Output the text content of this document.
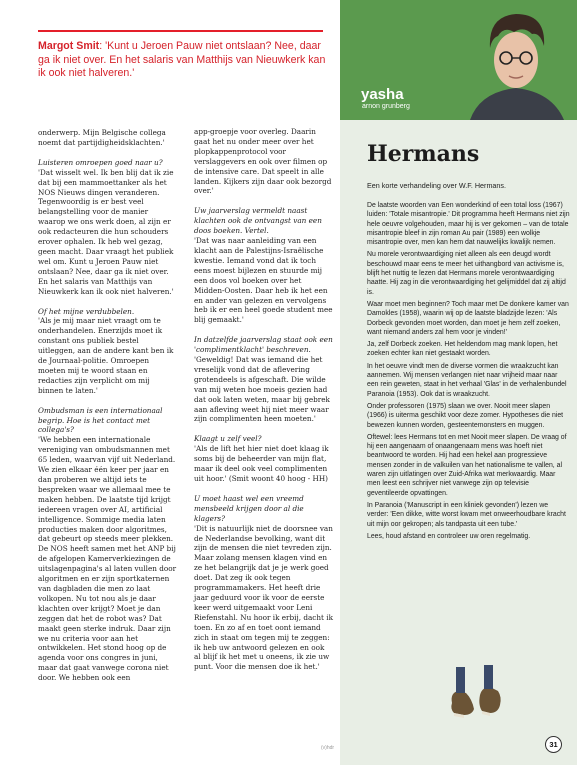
Margot Smit: 'Kunt u Jeroen Pauw niet ontslaan? Nee, daar ga ik niet over. En het salaris van Matthijs van Nieuwkerk kan ik ook niet halveren.'

onderwerp. Mijn Belgische collega noemt dat partijdigheidsklachten.'

Luisteren omroepen goed naar u?
'Dat wisselt wel. Ik ben blij dat ik zie dat bij een mammoettanker als het NOS Nieuws dingen veranderen. Tegenwoordig is er best veel belangstelling voor de manier waarop we ons werk doen, al zijn er ook redacteuren die hun schouders erover ophalen. Ik heb wel gezag, geen macht. Daar vraagt het publiek wel om. Kunt u Jeroen Pauw niet ontslaan? Nee, daar ga ik niet over. En het salaris van Matthijs van Nieuwkerk kan ik ook niet halveren.'

Of het mijne verdubbelen.
'Als je mij maar niet vraagt om te onderhandelen. Enerzijds moet ik constant ons publiek bestel uitleggen, aan de andere kant ben ik de Journaal-politie. Omroepen moeten mij te woord staan en redacties zijn verplicht om mij binnen te laten.'

Ombudsman is een internationaal begrip. Hoe is het contact met collega's?
'We hebben een internationale vereniging van ombudsmannen met 65 leden, waarvan vijf uit Nederland. We zien elkaar één keer per jaar en dan proberen we altijd iets te bespreken waar we allemaal mee te maken hebben. De laatste tijd krijgt iedereen vragen over AI, artificial intelligence. Sommige media laten producties maken door algoritmes, dat gebeurt op steeds meer plekken. De NOS heeft samen met het ANP bij de afgelopen Kamerverkiezingen de uitslagenpagina's al laten vullen door algoritmen en er zijn sportkaternen van dagbladen die men zo laat volkopen. Nu tot nou als je daar klachten over krijgt? Moet je dan zeggen dat het de robot was? Dat maakt geen sterke indruk. Daar zijn we nu criteria voor aan het ontwikkelen. Het stond hoog op de agenda voor ons congres in juni, maar dat gaat vanwege corona niet door. We hebben ook een

app-groepje voor overleg. Daarin gaat het nu onder meer over het plopkappenprotocol voor verslaggevers en ook over filmen op de intensive care. Dat speelt in alle landen. Kijkers zijn daar ook bezorgd over.'

Uw jaarverslag vermeldt naast klachten ook de ontvangst van een doos boeken. Vertel.
'Dat was naar aanleiding van een klacht aan de Palestijns-Israëlische kwestie. Iemand vond dat ik toch eens moest bijlezen en stuurde mij een doos vol boeken over het Midden-Oosten. Daar heb ik het een en ander van gelezen en vervolgens heb ik er een heel goede student mee blij gemaakt.'

In datzelfde jaarverslag staat ook een 'complimentklacht' beschreven.
'Geweldig! Dat was iemand die het vreselijk vond dat de aflevering grotendeels is afgeschaft. Die wilde van mij weten hoe moeis gezien had dat ook laten weten, maar bij gebrek aan afleving weet hij niet meer waar zijn complimenten heen moeten.'

Klaagt u zelf veel?
'Als de lift het hier niet doet klaag ik soms bij de beheerder van mijn flat, maar ik deel ook veel complimenten uit hoor.' (Smit woont 40 hoog - HH)

U moet haast wel een vreemd mensbeeld krijgen door al die klagers?
'Dit is natuurlijk niet de doorsnee van de Nederlandse bevolking, want dit zijn de mensen die niet tevreden zijn. Maar zolang mensen klagen vind en ze het belangrijk dat je je werk goed doet. Dat zeg ik ook tegen programmamakers. Het heeft drie jaar geduurd voor ik voor de eerste keer werd uitgemaakt voor Leni Riefenstahl. Nu hoor ik erbij, dacht ik toen. En zo af en toet oont iemand zich in staat om tegen mij te zeggen: ik heb uw antwoord gelezen en ook al blijf ik het met u oneens, ik zie uw punt. Voor die mensen doe ik het.'

yasha
arnon grunberg
Hermans
Een korte verhandeling over W.F. Hermans.

De laatste woorden van Een wonderkind of een total loss (1967) luiden: 'Totale misantropie.' Dit programma heeft Hermans niet zijn hele oeuvre volgehouden, maar hij is ver gekomen – van de totale misantropie bleef in zijn roman Au pair (1989) een wolkje misantropie over, men kan hem dat nauwelijks kwalijk nemen.

Nu morele verontwaardiging niet alleen als een deugd wordt beschouwd maar eens te meer het uithangbord van activisme is, blijft het nuttig te lezen dat Hermans morele verontwaardiging haatte. Hij zag in die verontwaardiging het gelijmiddel dat zij altijd is.

Waar moet men beginnen? Toch maar met De donkere kamer van Damokles (1958), waarin wij op de laatste bladzijde lezen: 'Als Dorbeck gevonden moet worden, dan moet je hem zelf zoeken, want niemand anders zal hem voor je vinden!'

Ja, zelf Dorbeck zoeken. Het heldendom mag mank lopen, het zoeken echter kan niet gestaakt worden.

In het oeuvre vindt men de diverse vormen die wraakzucht kan aannemen. Wij mensen verlangen niet naar vrijheid maar naar een rein geweten, staat in het verhaal 'Glas' in de verhalenbundel Paranoia (1953). Ook dat is wraakzucht.

Onder professoren (1975) slaan we over. Nooit meer slapen (1966) is uiterma geschikt voor deze zomer. Hypotheses die niet bewezen kunnen worden, gesteentemonsters en muggen.

Oftewel: lees Hermans tot en met Nooit meer slapen. De vraag of hij een aangenaam of onaangenaam mens was hoeft niet beantwoord te worden. Hij had een hekel aan progressieve mensen zonder in de valkuilen van het nationalisme te vallen, al waren zijn uitlatingen over Zuid-Afrika wat merkwaardig. Maar men leest een schrijver niet vanwege zijn op televisie geventileerde opvattingen.

In Paranoia ('Manuscript in een kliniek gevonden') lezen we verder: 'Een dikke, witte worst kwam met onweerhoudbare kracht uit mijn oor gekropen; als tandpasta uit een tube.'

Lees, houd afstand en controleer uw oren regelmatig.

31
(v)hdr
